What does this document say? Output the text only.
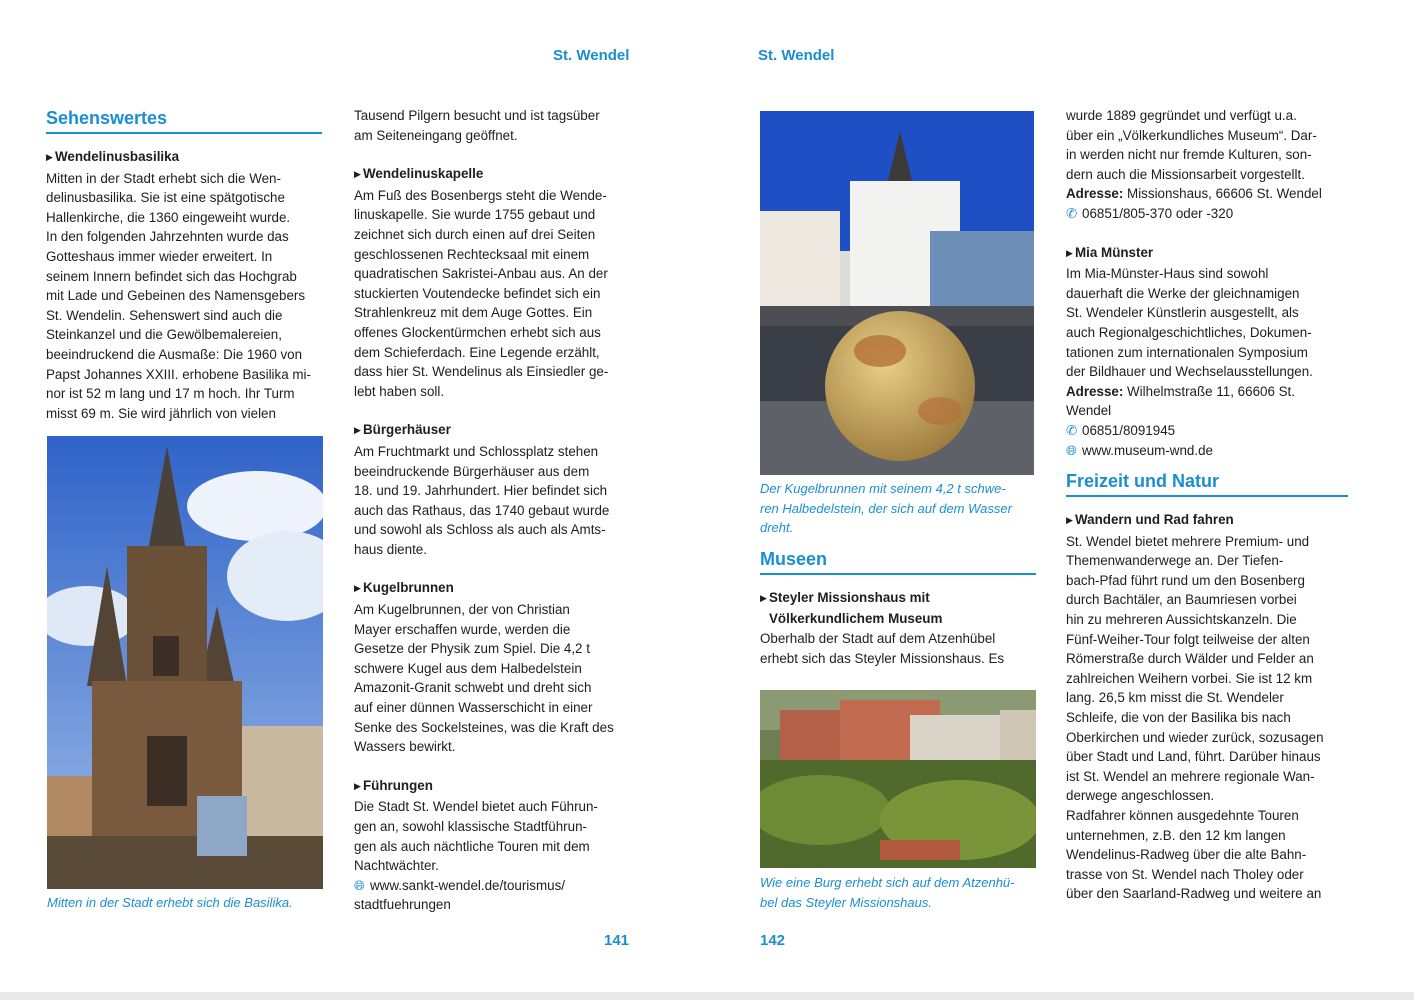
St. Wendel	St. Wendel
Sehenswertes
▶ Wendelinusbasilika

Mitten in der Stadt erhebt sich die Wen-

delinusbasilika. Sie ist eine spätgotische

Hallenkirche, die 1360 eingeweiht wurde.

In den folgenden Jahrzehnten wurde das

Gotteshaus immer wieder erweitert. In

seinem Innern befindet sich das Hochgrab

mit Lade und Gebeinen des Namensgebers

St. Wendelin. Sehenswert sind auch die

Steinkanzel und die Gewölbemalereien,

beeindruckend die Ausmaße: Die 1960 von

Papst Johannes XXIII. erhobene Basilika mi-

nor ist 52 m lang und 17 m hoch. Ihr Turm

misst 69 m. Sie wird jährlich von vielen

Mitten in der Stadt erhebt sich die Basilika.

Tausend Pilgern besucht und ist tagsüber

am Seiteneingang geöffnet.

▶ Wendelinuskapelle

Am Fuß des Bosenbergs steht die Wende-

linuskapelle. Sie wurde 1755 gebaut und

zeichnet sich durch einen auf drei Seiten

geschlossenen Rechtecksaal mit einem

quadratischen Sakristei-Anbau aus. An der

stuckierten Voutendecke befindet sich ein

Strahlenkreuz mit dem Auge Gottes. Ein

offenes Glockentürmchen erhebt sich aus

dem Schieferdach. Eine Legende erzählt,

dass hier St. Wendelinus als Einsiedler ge-

lebt haben soll.

▶ Bürgerhäuser

Am Fruchtmarkt und Schlossplatz stehen

beeindruckende Bürgerhäuser aus dem

18. und 19. Jahrhundert. Hier befindet sich

auch das Rathaus, das 1740 gebaut wurde

und sowohl als Schloss als auch als Amts-

haus diente.

▶ Kugelbrunnen

Am Kugelbrunnen, der von Christian

Mayer erschaffen wurde, werden die

Gesetze der Physik zum Spiel. Die 4,2 t

schwere Kugel aus dem Halbedelstein

Amazonit-Granit schwebt und dreht sich

auf einer dünnen Wasserschicht in einer

Senke des Sockelsteines, was die Kraft des

Wassers bewirkt.

▶ Führungen

Die Stadt St. Wendel bietet auch Führun-

gen an, sowohl klassische Stadtführun-

gen als auch nächtliche Touren mit dem

Nachtwächter.

🌐︎ www.sankt-wendel.de/tourismus/

stadtfuehrungen

141

Der Kugelbrunnen mit seinem 4,2 t schwe-

ren Halbedelstein, der sich auf dem Wasser

dreht.

Museen
▶ Steyler Missionshaus mit
Völkerkundlichem Museum

Oberhalb der Stadt auf dem Atzenhübel

erhebt sich das Steyler Missionshaus. Es

Wie eine Burg erhebt sich auf dem Atzenhü-

bel das Steyler Missionshaus.

142

wurde 1889 gegründet und verfügt u.a.

über ein „Völkerkundliches Museum“. Dar-

in werden nicht nur fremde Kulturen, son-

dern auch die Missionsarbeit vorgestellt.

Adresse: Missionshaus, 66606 St. Wendel

✆ 06851/805-370 oder -320

▶ Mia Münster

Im Mia-Münster-Haus sind sowohl

dauerhaft die Werke der gleichnamigen

St. Wendeler Künstlerin ausgestellt, als

auch Regionalgeschichtliches, Dokumen-

tationen zum internationalen Symposium

der Bildhauer und Wechselausstellungen.

Adresse: Wilhelmstraße 11, 66606 St.

Wendel

✆ 06851/8091945

🌐︎ www.museum-wnd.de

Freizeit und Natur
▶ Wandern und Rad fahren

St. Wendel bietet mehrere Premium- und

Themenwanderwege an. Der Tiefen-

bach-Pfad führt rund um den Bosenberg

durch Bachtäler, an Baumriesen vorbei

hin zu mehreren Aussichtskanzeln. Die

Fünf-Weiher-Tour folgt teilweise der alten

Römerstraße durch Wälder und Felder an

zahlreichen Weihern vorbei. Sie ist 12 km

lang. 26,5 km misst die St. Wendeler

Schleife, die von der Basilika bis nach

Oberkirchen und wieder zurück, sozusagen

über Stadt und Land, führt. Darüber hinaus

ist St. Wendel an mehrere regionale Wan-

derwege angeschlossen.

Radfahrer können ausgedehnte Touren

unternehmen, z.B. den 12 km langen

Wendelinus-Radweg über die alte Bahn-

trasse von St. Wendel nach Tholey oder

über den Saarland-Radweg und weitere an
